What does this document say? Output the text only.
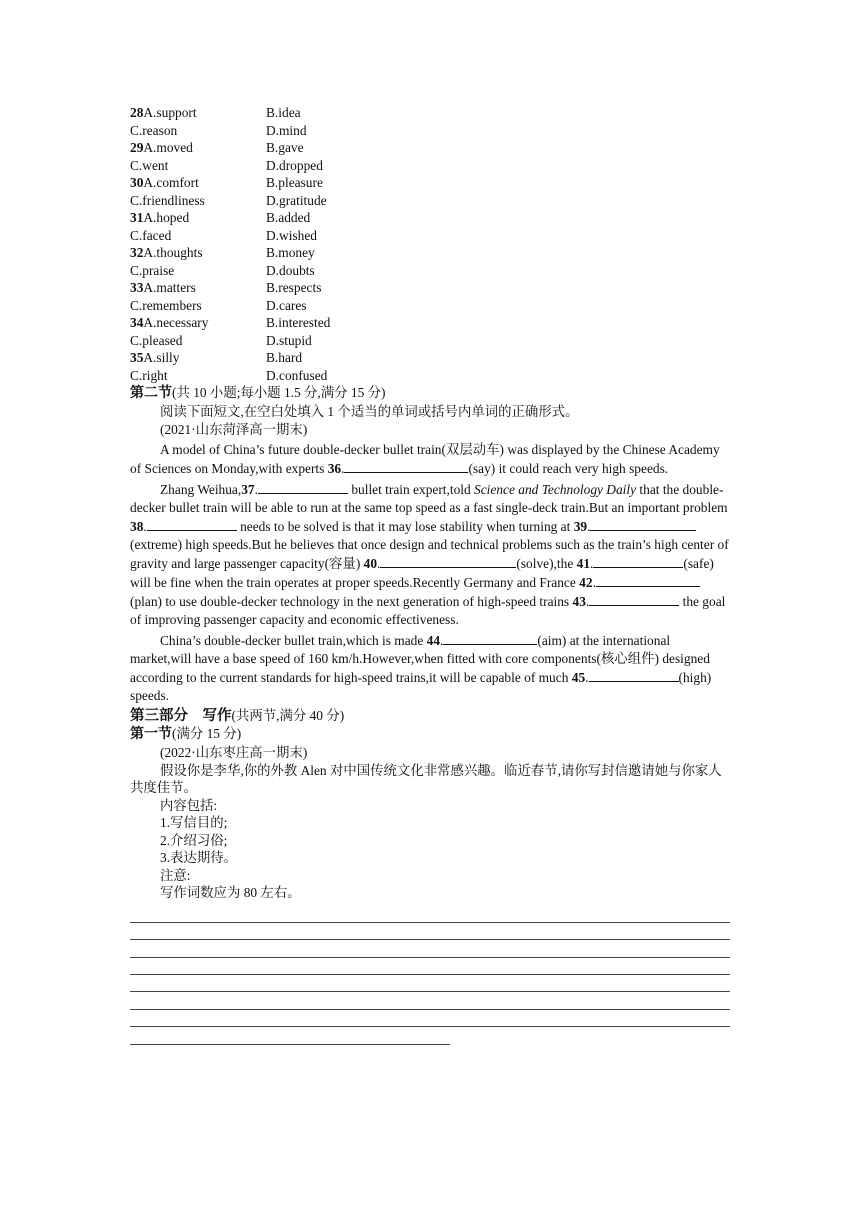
28A.support	B.idea
C.reason	D.mind
29A.moved	B.gave
C.went	D.dropped
30A.comfort	B.pleasure
C.friendliness	D.gratitude
31A.hoped	B.added
C.faced	D.wished
32A.thoughts	B.money
C.praise	D.doubts
33A.matters	B.respects
C.remembers	D.cares
34A.necessary	B.interested
C.pleased	D.stupid
35A.silly	B.hard
C.right	D.confused
第二节(共 10 小题;每小题 1.5 分,满分 15 分)

阅读下面短文,在空白处填入 1 个适当的单词或括号内单词的正确形式。

(2021·山东菏泽高一期末)

A model of China’s future double-decker bullet train(双层动车) was displayed by the Chinese Academy of Sciences on Monday,with experts 36.	(say) it could reach very high speeds.

Zhang Weihua,37.	bullet train expert,told Science and Technology Daily that the double-decker bullet train will be able to run at the same top speed as a fast single-deck train.But an important problem 38.	needs to be solved is that it may lose stability when turning at 39.(extreme) high speeds.But he believes that once design and technical problems such as the train’s high center of gravity and large passenger capacity(容量) 40.	(solve),the 41.	(safe) will be fine when the train operates at proper speeds.Recently Germany and France 42.(plan) to use double-decker technology in the next generation of high-speed trains 43.	the goal of improving passenger capacity and economic effectiveness.

China’s double-decker bullet train,which is made 44.	(aim) at the international market,will have a base speed of 160 km/h.However,when fitted with core components(核心组件) designed according to the current standards for high-speed trains,it will be capable of much 45.	(high) speeds.

第三部分　写作(共两节,满分 40 分)
第一节(满分 15 分)

(2022·山东枣庄高一期末)

假设你是李华,你的外教 Alen 对中国传统文化非常感兴趣。临近春节,请你写封信邀请她与你家人共度佳节。

内容包括:

1.写信目的;

2.介绍习俗;

3.表达期待。

注意:

写作词数应为 80 左右。
